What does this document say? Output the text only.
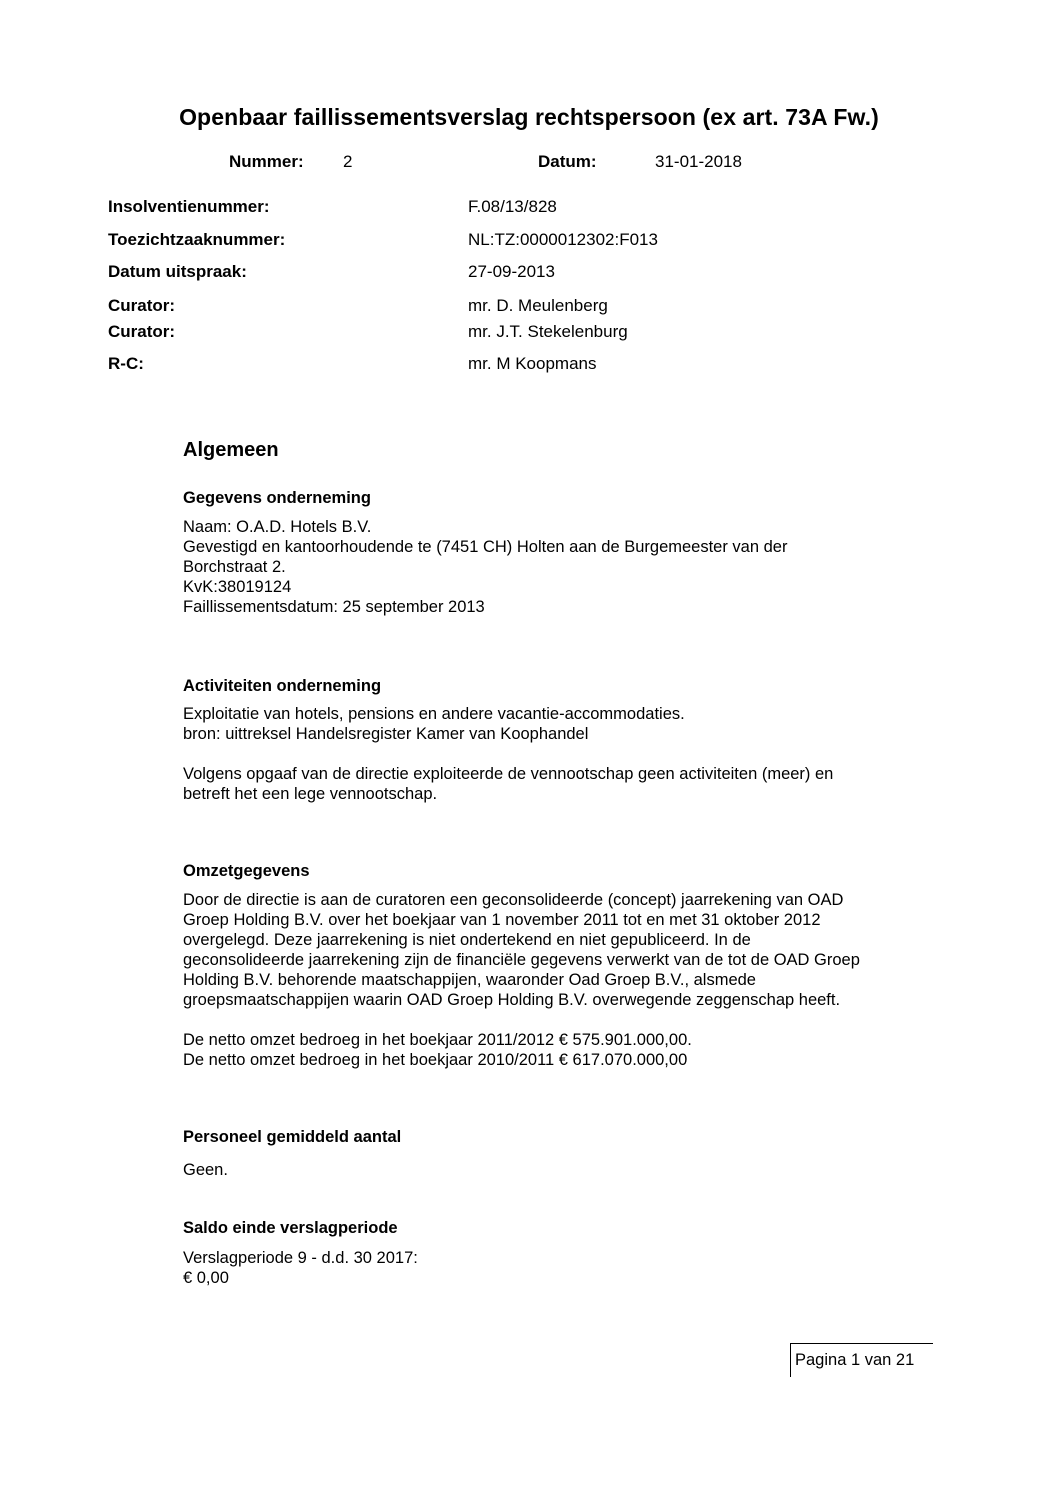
Openbaar faillissementsverslag rechtspersoon (ex art. 73A Fw.)
Nummer: 2	Datum:	31-01-2018
Insolventienummer:	F.08/13/828
Toezichtzaaknummer:	NL:TZ:0000012302:F013
Datum uitspraak:	27-09-2013
Curator:	mr. D. Meulenberg
Curator:	mr. J.T. Stekelenburg
R-C:	mr. M Koopmans
Algemeen
Gegevens onderneming
Naam: O.A.D. Hotels B.V.
Gevestigd en kantoorhoudende te (7451 CH) Holten aan de Burgemeester van der
Borchstraat 2.
KvK:38019124
Faillissementsdatum: 25 september 2013
Activiteiten onderneming
Exploitatie van hotels, pensions en andere vacantie-accommodaties.
bron: uittreksel Handelsregister Kamer van Koophandel
Volgens opgaaf van de directie exploiteerde de vennootschap geen activiteiten (meer) en
betreft het een lege vennootschap.
Omzetgegevens
Door de directie is aan de curatoren een geconsolideerde (concept) jaarrekening van OAD
Groep Holding B.V. over het boekjaar van 1 november 2011 tot en met 31 oktober 2012
overgelegd. Deze jaarrekening is niet ondertekend en niet gepubliceerd. In de
geconsolideerde jaarrekening zijn de financiële gegevens verwerkt van de tot de OAD Groep
Holding B.V. behorende maatschappijen, waaronder Oad Groep B.V., alsmede
groepsmaatschappijen waarin OAD Groep Holding B.V. overwegende zeggenschap heeft.
De netto omzet bedroeg in het boekjaar 2011/2012 € 575.901.000,00.
De netto omzet bedroeg in het boekjaar 2010/2011 € 617.070.000,00
Personeel gemiddeld aantal
Geen.
Saldo einde verslagperiode
Verslagperiode 9 - d.d. 30 2017:
€ 0,00
Pagina 1 van 21
